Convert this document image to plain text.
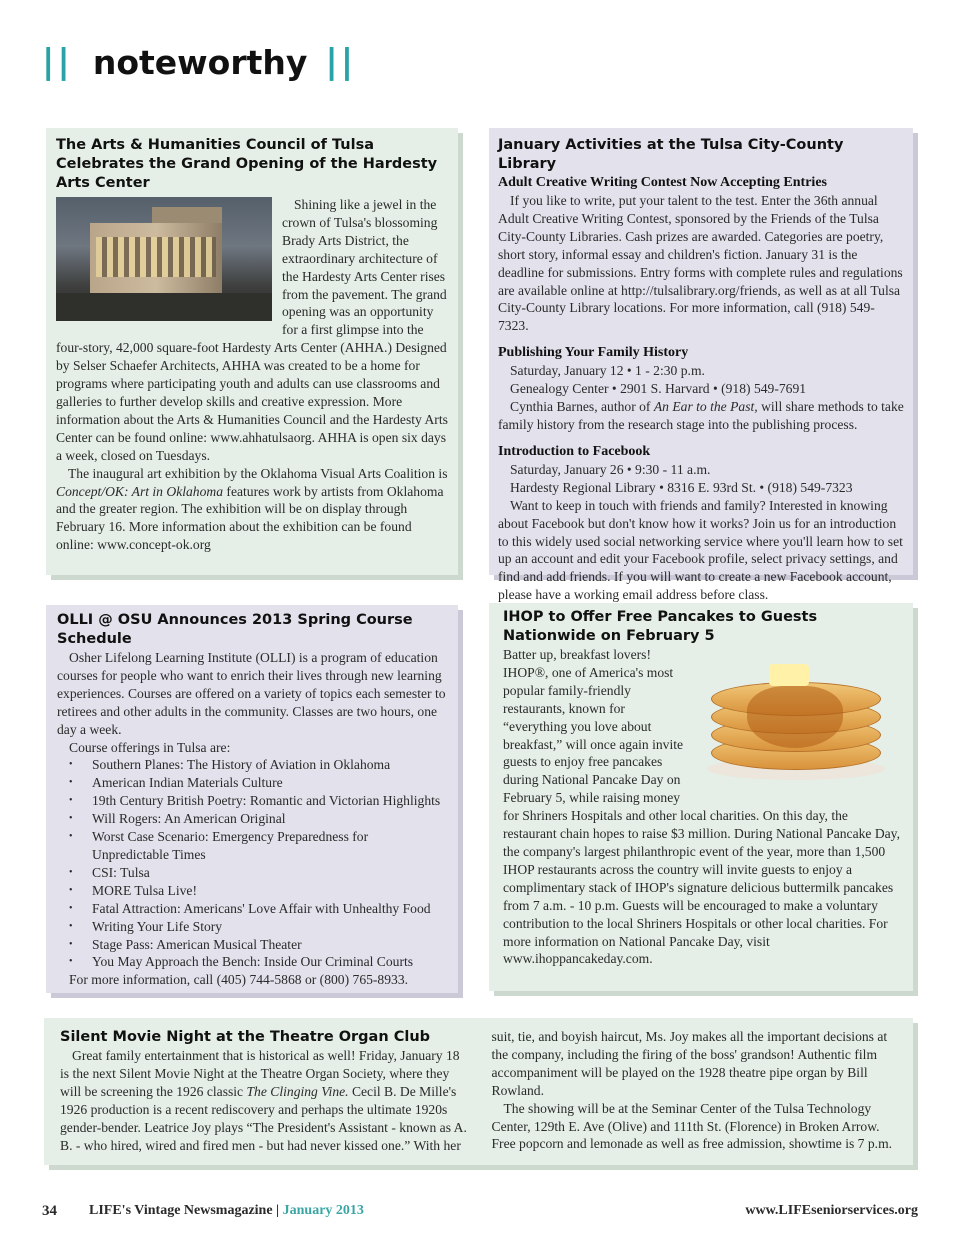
|| noteworthy ||
The Arts & Humanities Council of Tulsa Celebrates the Grand Opening of the Hardesty Arts Center
Shining like a jewel in the crown of Tulsa's blossoming Brady Arts District, the extraordinary architecture of the Hardesty Arts Center rises from the pavement. The grand opening was an opportunity for a first glimpse into the four-story, 42,000 square-foot Hardesty Arts Center (AHHA.) Designed by Selser Schaefer Architects, AHHA was created to be a home for programs where participating youth and adults can use classrooms and galleries to further develop skills and creative expression. More information about the Arts & Humanities Council and the Hardesty Arts Center can be found online: www.ahhatulsaorg. AHHA is open six days a week, closed on Tuesdays.
The inaugural art exhibition by the Oklahoma Visual Arts Coalition is Concept/OK: Art in Oklahoma features work by artists from Oklahoma and the greater region. The exhibition will be on display through February 16. More information about the exhibition can be found online: www.concept-ok.org
January Activities at the Tulsa City-County Library
Adult Creative Writing Contest Now Accepting Entries
If you like to write, put your talent to the test. Enter the 36th annual Adult Creative Writing Contest, sponsored by the Friends of the Tulsa City-County Libraries. Cash prizes are awarded. Categories are poetry, short story, informal essay and children's fiction. January 31 is the deadline for submissions. Entry forms with complete rules and regulations are available online at http://tulsalibrary.org/friends, as well as at all Tulsa City-County Library locations. For more information, call (918) 549-7323.
Publishing Your Family History
Saturday, January 12 • 1 - 2:30 p.m.
Genealogy Center • 2901 S. Harvard • (918) 549-7691
Cynthia Barnes, author of An Ear to the Past, will share methods to take family history from the research stage into the publishing process.
Introduction to Facebook
Saturday, January 26 • 9:30 - 11 a.m.
Hardesty Regional Library • 8316 E. 93rd St. • (918) 549-7323
Want to keep in touch with friends and family? Interested in knowing about Facebook but don't know how it works? Join us for an introduction to this widely used social networking service where you'll learn how to set up an account and edit your Facebook profile, select privacy settings, and find and add friends. If you will want to create a new Facebook account, please have a working email address before class.
OLLI @ OSU Announces 2013 Spring Course Schedule
Osher Lifelong Learning Institute (OLLI) is a program of education courses for people who want to enrich their lives through new learning experiences. Courses are offered on a variety of topics each semester to retirees and other adults in the community. Classes are two hours, one day a week.
Course offerings in Tulsa are:
• Southern Planes: The History of Aviation in Oklahoma
• American Indian Materials Culture
• 19th Century British Poetry: Romantic and Victorian Highlights
• Will Rogers: An American Original
• Worst Case Scenario: Emergency Preparedness for Unpredictable Times
• CSI: Tulsa
• MORE Tulsa Live!
• Fatal Attraction: Americans' Love Affair with Unhealthy Food
• Writing Your Life Story
• Stage Pass: American Musical Theater
• You May Approach the Bench: Inside Our Criminal Courts
For more information, call (405) 744-5868 or (800) 765-8933.
IHOP to Offer Free Pancakes to Guests Nationwide on February 5
Batter up, breakfast lovers! IHOP®, one of America's most popular family-friendly restaurants, known for “everything you love about breakfast,” will once again invite guests to enjoy free pancakes during National Pancake Day on February 5, while raising money for Shriners Hospitals and other local charities. On this day, the restaurant chain hopes to raise $3 million. During National Pancake Day, the company's largest philanthropic event of the year, more than 1,500 IHOP restaurants across the country will invite guests to enjoy a complimentary stack of IHOP's signature delicious buttermilk pancakes from 7 a.m. - 10 p.m. Guests will be encouraged to make a voluntary contribution to the local Shriners Hospitals or other local charities. For more information on National Pancake Day, visit www.ihoppancakeday.com.
Silent Movie Night at the Theatre Organ Club
Great family entertainment that is historical as well! Friday, January 18 is the next Silent Movie Night at the Theatre Organ Society, where they will be screening the 1926 classic The Clinging Vine. Cecil B. De Mille's 1926 production is a recent rediscovery and perhaps the ultimate 1920s gender-bender. Leatrice Joy plays “The President's Assistant - known as A. B. - who hired, wired and fired men - but had never kissed one.” With her suit, tie, and boyish haircut, Ms. Joy makes all the important decisions at the company, including the firing of the boss' grandson! Authentic film accompaniment will be played on the 1928 theatre pipe organ by Bill Rowland.
The showing will be at the Seminar Center of the Tulsa Technology Center, 129th E. Ave (Olive) and 111th St. (Florence) in Broken Arrow. Free popcorn and lemonade as well as free admission, showtime is 7 p.m.
34 LIFE's Vintage Newsmagazine | January 2013	www.LIFEseniorservices.org
